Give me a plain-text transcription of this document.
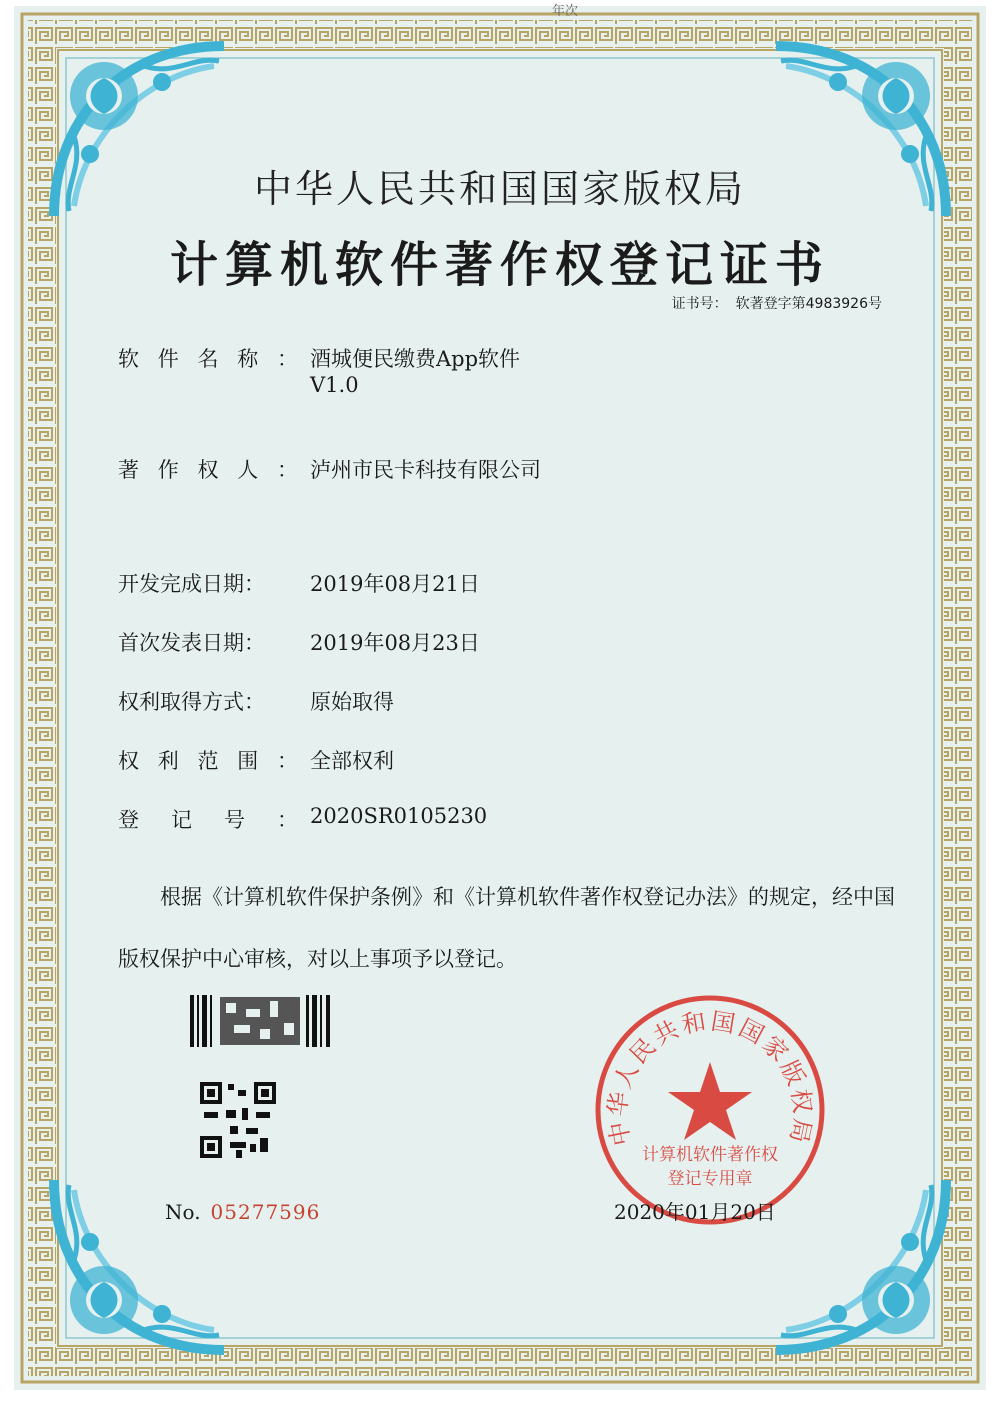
年次
中华人民共和国国家版权局
计算机软件著作权登记证书
证书号： 软著登字第4983926号
软 件 名 称 ： 酒城便民缴费App软件
V1.0
著 作 权 人 ： 泸州市民卡科技有限公司
开发完成日期：	2019年08月21日
首次发表日期：	2019年08月23日
权利取得方式：	原始取得
权 利 范 围 ： 全部权利
登 记 号 ： 2020SR0105230
根据《计算机软件保护条例》和《计算机软件著作权登记办法》的规定，经中国版权保护中心审核，对以上事项予以登记。
No. 05277596
中华人民共和国国家版权局
计算机软件著作权
登记专用章
2020年01月20日
